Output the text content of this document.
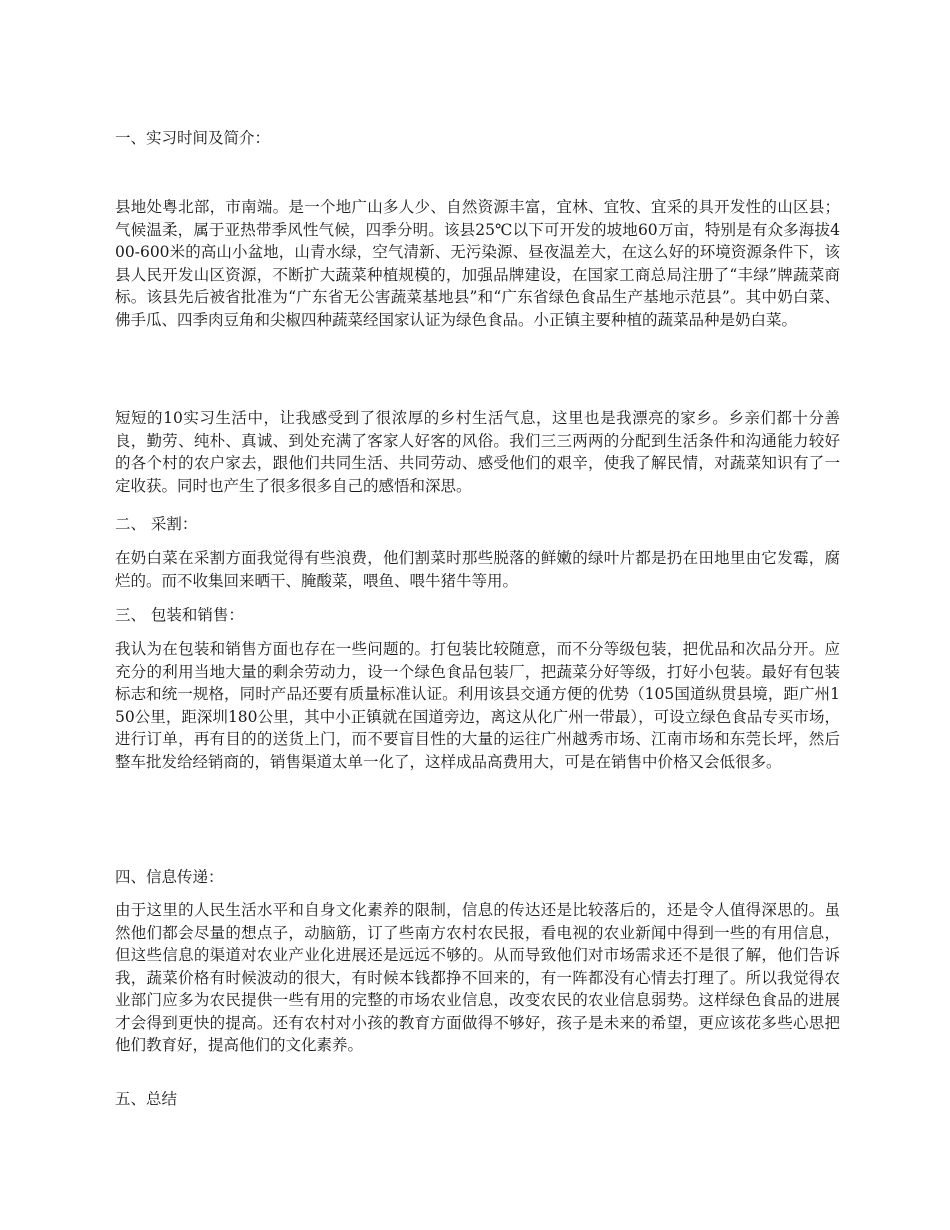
一、实习时间及简介：

县地处粤北部，市南端。是一个地广山多人少、自然资源丰富，宜林、宜牧、宜采的具开发性的山区县；气候温柔，属于亚热带季风性气候，四季分明。该县25℃以下可开发的坡地60万亩，特别是有众多海拔400-600米的高山小盆地，山青水绿，空气清新、无污染源、昼夜温差大，在这么好的环境资源条件下，该县人民开发山区资源，不断扩大蔬菜种植规模的，加强品牌建设，在国家工商总局注册了“丰绿”牌蔬菜商标。该县先后被省批准为“广东省无公害蔬菜基地县”和“广东省绿色食品生产基地示范县”。其中奶白菜、佛手瓜、四季肉豆角和尖椒四种蔬菜经国家认证为绿色食品。小正镇主要种植的蔬菜品种是奶白菜。

短短的10实习生活中，让我感受到了很浓厚的乡村生活气息，这里也是我漂亮的家乡。乡亲们都十分善良，勤劳、纯朴、真诚、到处充满了客家人好客的风俗。我们三三两两的分配到生活条件和沟通能力较好的各个村的农户家去，跟他们共同生活、共同劳动、感受他们的艰辛，使我了解民情，对蔬菜知识有了一定收获。同时也产生了很多很多自己的感悟和深思。

二、 采割：

在奶白菜在采割方面我觉得有些浪费，他们割菜时那些脱落的鲜嫩的绿叶片都是扔在田地里由它发霉，腐烂的。而不收集回来晒干、腌酸菜，喂鱼、喂牛猪牛等用。

三、 包装和销售：

我认为在包装和销售方面也存在一些问题的。打包装比较随意，而不分等级包装，把优品和次品分开。应充分的利用当地大量的剩余劳动力，设一个绿色食品包装厂，把蔬菜分好等级，打好小包装。最好有包装标志和统一规格，同时产品还要有质量标准认证。利用该县交通方便的优势（105国道纵贯县境，距广州150公里，距深圳180公里，其中小正镇就在国道旁边，离这从化广州一带最），可设立绿色食品专买市场，进行订单，再有目的的送货上门，而不要盲目性的大量的运往广州越秀市场、江南市场和东莞长坪，然后整车批发给经销商的，销售渠道太单一化了，这样成品高费用大，可是在销售中价格又会低很多。

四、信息传递：

由于这里的人民生活水平和自身文化素养的限制，信息的传达还是比较落后的，还是令人值得深思的。虽然他们都会尽量的想点子，动脑筋，订了些南方农村农民报，看电视的农业新闻中得到一些的有用信息，但这些信息的渠道对农业产业化进展还是远远不够的。从而导致他们对市场需求还不是很了解，他们告诉我，蔬菜价格有时候波动的很大，有时候本钱都挣不回来的，有一阵都没有心情去打理了。所以我觉得农业部门应多为农民提供一些有用的完整的市场农业信息，改变农民的农业信息弱势。这样绿色食品的进展才会得到更快的提高。还有农村对小孩的教育方面做得不够好，孩子是未来的希望，更应该花多些心思把他们教育好，提高他们的文化素养。

五、总结
